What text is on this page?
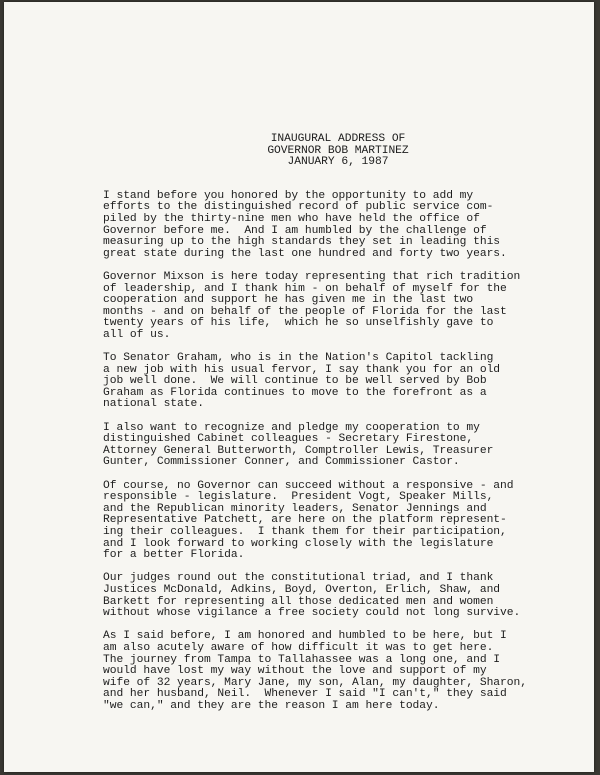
INAUGURAL ADDRESS OF
GOVERNOR BOB MARTINEZ
JANUARY 6, 1987
I stand before you honored by the opportunity to add my
efforts to the distinguished record of public service com-
piled by the thirty-nine men who have held the office of
Governor before me.  And I am humbled by the challenge of
measuring up to the high standards they set in leading this
great state during the last one hundred and forty two years.
Governor Mixson is here today representing that rich tradition
of leadership, and I thank him - on behalf of myself for the
cooperation and support he has given me in the last two
months - and on behalf of the people of Florida for the last
twenty years of his life,  which he so unselfishly gave to
all of us.
To Senator Graham, who is in the Nation's Capitol tackling
a new job with his usual fervor, I say thank you for an old
job well done.  We will continue to be well served by Bob
Graham as Florida continues to move to the forefront as a
national state.
I also want to recognize and pledge my cooperation to my
distinguished Cabinet colleagues - Secretary Firestone,
Attorney General Butterworth, Comptroller Lewis, Treasurer
Gunter, Commissioner Conner, and Commissioner Castor.
Of course, no Governor can succeed without a responsive - and
responsible - legislature.  President Vogt, Speaker Mills,
and the Republican minority leaders, Senator Jennings and
Representative Patchett, are here on the platform represent-
ing their colleagues.  I thank them for their participation,
and I look forward to working closely with the legislature
for a better Florida.
Our judges round out the constitutional triad, and I thank
Justices McDonald, Adkins, Boyd, Overton, Erlich, Shaw, and
Barkett for representing all those dedicated men and women
without whose vigilance a free society could not long survive.
As I said before, I am honored and humbled to be here, but I
am also acutely aware of how difficult it was to get here.
The journey from Tampa to Tallahassee was a long one, and I
would have lost my way without the love and support of my
wife of 32 years, Mary Jane, my son, Alan, my daughter, Sharon,
and her husband, Neil.  Whenever I said "I can't," they said
"we can," and they are the reason I am here today.
